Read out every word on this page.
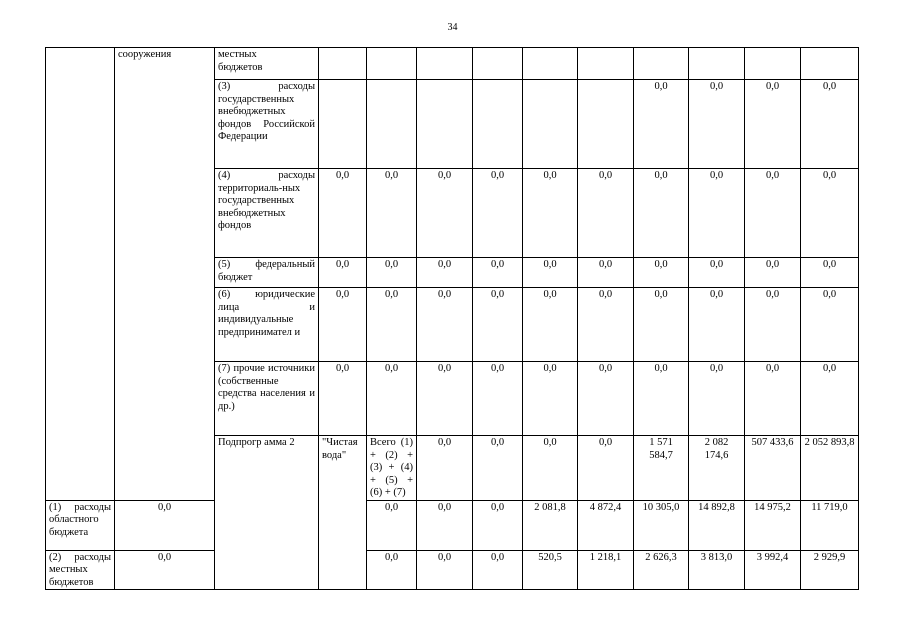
34
	сооружения	местных
бюджетов											
		(3) расходы государственных внебюджетных фондов Российской Федерации							0,0	0,0	0,0	0,0	
		(4) расходы территориаль-ных государственных внебюджетных фондов	0,0	0,0	0,0	0,0	0,0	0,0	0,0	0,0	0,0	0,0	
		(5) федеральный бюджет	0,0	0,0	0,0	0,0	0,0	0,0	0,0	0,0	0,0	0,0	
		(6) юридические лица и индивидуальные предпринимател и	0,0	0,0	0,0	0,0	0,0	0,0	0,0	0,0	0,0	0,0	
		(7) прочие источники (собственные средства населения и др.)	0,0	0,0	0,0	0,0	0,0	0,0	0,0	0,0	0,0	0,0	
		Подпрогр амма 2	"Чистая вода"	Всего (1) + (2) + (3) + (4) + (5) + (6) + (7)	0,0	0,0	0,0	0,0	1 571 584,7	2 082 174,6	507 433,6	2 052 893,8		
(1) расходы областного бюджета	0,0			0,0	0,0	0,0	2 081,8	4 872,4	10 305,0	14 892,8	14 975,2	11 719,0	
(2) расходы местных бюджетов	0,0			0,0	0,0	0,0	520,5	1 218,1	2 626,3	3 813,0	3 992,4	2 929,9	
